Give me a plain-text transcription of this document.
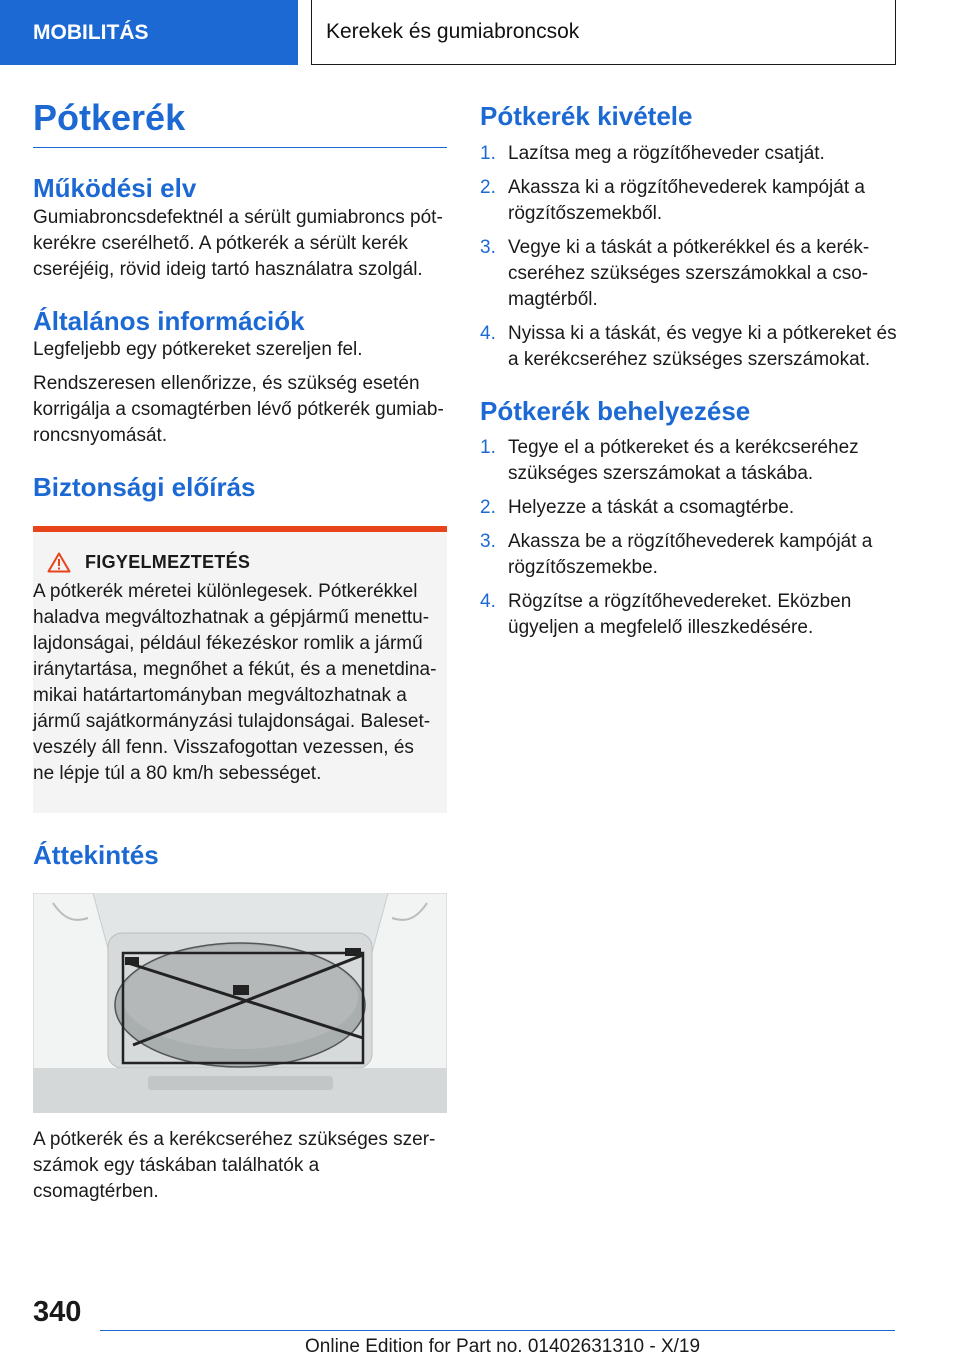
MOBILITÁS	Kerekek és gumiabroncsok
Pótkerék
Működési elv

Gumiabroncsdefektnél a sérült gumiabroncs pótkerékre cserélhető. A pótkerék a sérült kerék cseréjéig, rövid ideig tartó használatra szolgál.

Általános információk

Legfeljebb egy pótkereket szereljen fel.

Rendszeresen ellenőrizze, és szükség esetén korrigálja a csomagtérben lévő pótkerék gumiabroncsnyomását.

Biztonsági előírás
FIGYELMEZTETÉS

A pótkerék méretei különlegesek. Pótkerékkel haladva megváltozhatnak a gépjármű menettulajdonságai, például fékezéskor romlik a jármű iránytartása, megnőhet a fékút, és a menetdinamikai határtartományban megváltozhatnak a jármű sajátkormányzási tulajdonságai. Balesetveszély áll fenn. Visszafogottan vezessen, és ne lépje túl a 80 km/h sebességet.

Áttekintés

A pótkerék és a kerékcseréhez szükséges szerszámok egy táskában találhatók a csomagtérben.

Pótkerék kivétele
1. Lazítsa meg a rögzítőheveder csatját.
2. Akassza ki a rögzítőhevederek kampóját a rögzítőszemekből.
3. Vegye ki a táskát a pótkerékkel és a kerékcseréhez szükséges szerszámokkal a csomagtérből.
4. Nyissa ki a táskát, és vegye ki a pótkereket és a kerékcseréhez szükséges szerszámokat.
Pótkerék behelyezése
1. Tegye el a pótkereket és a kerékcseréhez szükséges szerszámokat a táskába.
2. Helyezze a táskát a csomagtérbe.
3. Akassza be a rögzítőhevederek kampóját a rögzítőszemekbe.
4. Rögzítse a rögzítőhevedereket. Eközben ügyeljen a megfelelő illeszkedésére.
340
Online Edition for Part no. 01402631310 - X/19
